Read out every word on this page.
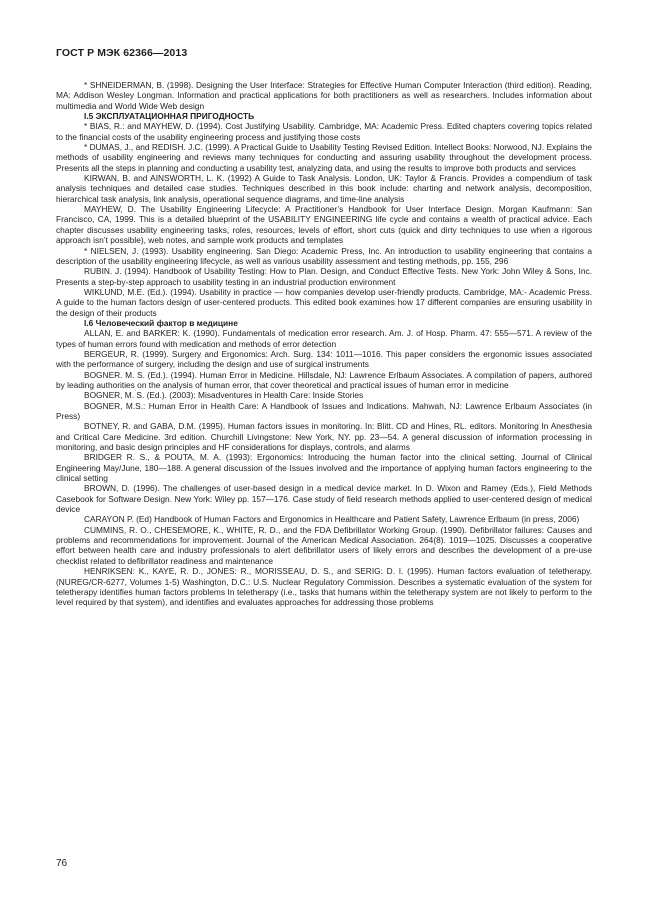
ГОСТ Р МЭК 62366—2013

* SHNEIDERMAN, B. (1998). Designing the User Interface: Strategies for Effective Human Computer Interaction (third edition). Reading, MA: Addison Wesley Longman. Information and practical applications for both practitioners as well as researchers. Includes information about multimedia and World Wide Web design

I.5 ЭКСПЛУАТАЦИОННАЯ ПРИГОДНОСТЬ

* BIAS, R.: and MAYHEW, D. (1994). Cost Justifying Usability. Cambridge, MA: Academic Press. Edited chapters covering topics related to the financial costs of the usability engineering process and justifying those costs

* DUMAS, J., and REDISH. J.C. (1999). A Practical Guide to Usability Testing Revised Edition. Intellect Books: Norwood, NJ. Explains the methods of usability engineering and reviews many techniques for conducting and assuring usability throughout the development process. Presents all the steps in planning and conducting a usability test, analyzing data, and using the results to improve both products and services

KIRWAN, B. and AINSWORTH, L. K. (1992) A Guide to Task Analysis. London, UK: Taylor & Francis. Provides a compendium of task analysis techniques and detailed case studies. Techniques described in this book include: charting and network analysis, decomposition, hierarchical task analysis, link analysis, operational sequence diagrams, and time-line analysis

MAYHEW, D. The Usability Engineering Lifecycle: A Practitioner’s Handbook for User Interface Design. Morgan Kaufmann: San Francisco, CA, 1999. This is a detailed blueprint of the USABILITY ENGINEERING life cycle and contains a wealth of practical advice. Each chapter discusses usability engineering tasks, roles, resources, levels of effort, short cuts (quick and dirty techniques to use when a rigorous approach isn’t possible), web notes, and sample work products and templates

* NIELSEN, J. (1993). Usability engineering. San Diego: Academic Press, Inc. An introduction to usability engineering that contains a description of the usability engineering lifecycle, as well as various usability assessment and testing methods, pp. 155, 296

RUBIN. J. (1994). Handbook of Usability Testing: How to Plan. Design, and Conduct Effective Tests. New York: John Wiley & Sons, Inc. Presents a step-by-step approach to usability testing in an industrial production environment

WIKLUND, M.E. (Ed.). (1994). Usability in practice — how companies develop user-friendly products. Cambridge, MA:- Academic Press. A guide to the human factors design of user-centered products. This edited book examines how 17 different companies are ensuring usability in the design of their products

I.6 Человеческий фактор в медицине

ALLAN, E. and BARKER: K. (1990). Fundamentals of medication error research. Am. J. of Hosp. Pharm. 47: 555—571. A review of the types of human errors found with medication and methods of error detection

BERGEUR, R. (1999). Surgery and Ergonomics: Arch. Surg. 134: 1011—1016. This paper considers the ergonomic issues associated with the performance of surgery, including the design and use of surgical instruments

BOGNER. M. S. (Ed.). (1994). Human Error in Medicine. Hillsdale, NJ: Lawrence Erlbaum Associates. A compilation of papers, authored by leading authorities on the analysis of human error, that cover theoretical and practical issues of human error in medicine

BOGNER, M. S. (Ed.). (2003): Misadventures in Health Care: Inside Stories

BOGNER, M.S.: Human Error in Health Care: A Handbook of Issues and Indications. Mahwah, NJ: Lawrence Erlbaum Associates (in Press)

BOTNEY, R. and GABA, D.M. (1995). Human factors issues in monitoring. In: Blitt. CD and Hines, RL. editors. Monitoring In Anesthesia and Critical Care Medicine. 3rd edition. Churchill Livingstone: New York, NY. pp. 23—54. A general discussion of information processing in monitoring, and basic design principles and HF considerations for displays, controls, and alarms

BRIDGER R. S., & POUTA, M. A. (1993): Ergonomics: Introducing the human factor into the clinical setting. Journal of Clinical Engineering May/June, 180—188. A general discussion of the Issues involved and the importance of applying human factors engineering to the clinical setting

BROWN, D. (1996). The challenges of user-based design in a medical device market. In D. Wixon and Ramey (Eds.), Field Methods Casebook for Software Design. New York: Wiley pp. 157—176. Case study of field research methods applied to user-centered design of medical device

CARAYON P. (Ed) Handbook of Human Factors and Ergonomics in Healthcare and Patient Safety, Lawrence Erlbaum (in press, 2006)

CUMMINS, R. O., CHESEMORE, K., WHITE, R. D., and the FDA Defibrillator Working Group. (1990). Defibrillator failures: Causes and problems and recommendations for improvement. Journal of the American Medical Association. 264(8). 1019—1025. Discusses a cooperative effort between health care and industry professionals to alert defibrillator users of likely errors and describes the development of a pre-use checklist related to defibrillator readiness and maintenance

HENRIKSEN: K., KAYE, R. D., JONES: R., MORISSEAU, D. S., and SERIG: D. I. (1995). Human factors evaluation of teletherapy. (NUREG/CR-6277, Volumes 1-5) Washington, D.C.: U.S. Nuclear Regulatory Commission. Describes a systematic evaluation of the system for teletherapy identifies human factors problems In teletherapy (i.e., tasks that humans within the teletherapy system are not likely to perform to the level required by that system), and identifies and evaluates approaches for addressing those problems

76
